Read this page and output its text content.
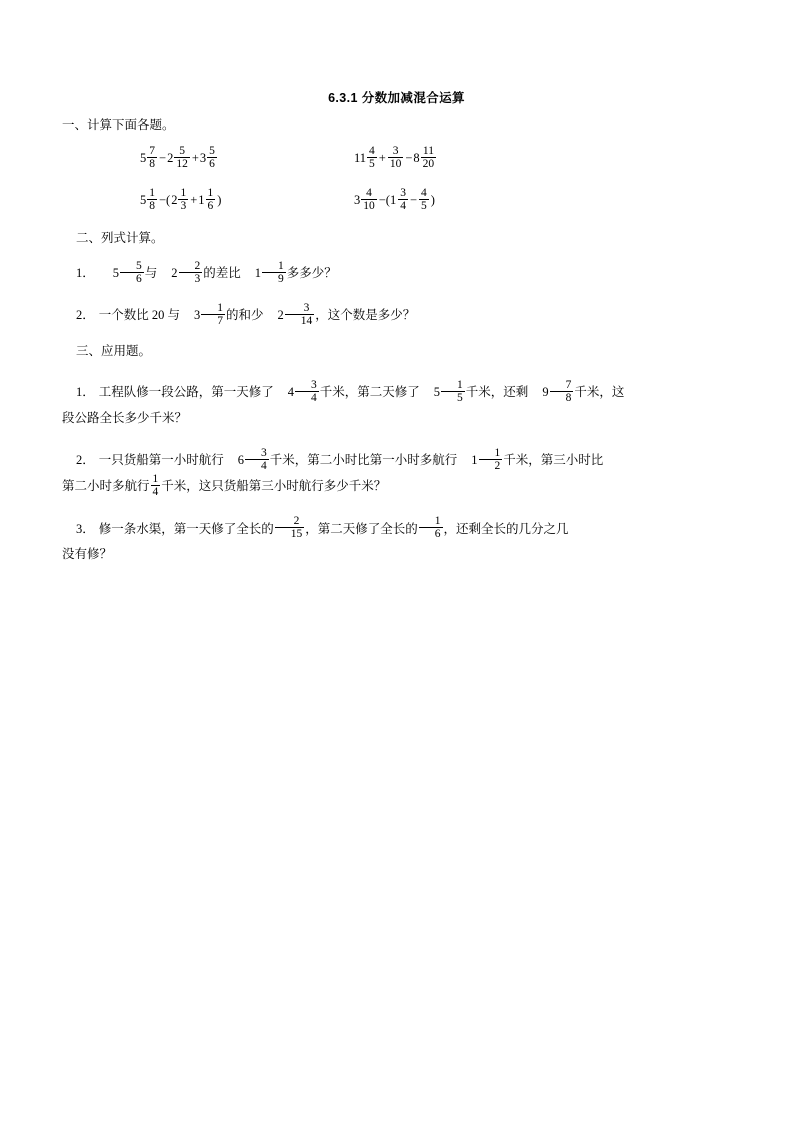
6.3.1 分数加减混合运算
一、计算下面各题。
$5 \frac{7}{8} -2 \frac{5}{12} +3 \frac{5}{6}$	$11 \frac{4}{5} + \frac{3}{10} -8 \frac{11}{20}$
$5 \frac{1}{8} -(2 \frac{1}{3} +1 \frac{1}{6}$ )	$3 \frac{4}{10} -(1 \frac{3}{4} - \frac{4}{5}$ )
二、列式计算。
1． $5 \frac{5}{6}$ 与 $2 \frac{2}{3}$ 的差比 $1 \frac{1}{9}$ 多多少？
2． 一个数比 20 与 $3 \frac{1}{7}$ 的和少 $2 \frac{3}{14}$ ，这个数是多少？
三、应用题。
1． 工程队修一段公路，第一天修了 $4 \frac{3}{4}$ 千米，第二天修了 $5 \frac{1}{5}$ 千米，还剩 $9 \frac{7}{8}$ 千米，这
段公路全长多少千米？
2． 一只货船第一小时航行 $6 \frac{3}{4}$ 千米，第二小时比第一小时多航行 $1 \frac{1}{2}$ 千米，第三小时比
第二小时多航行 $\frac{1}{4}$ 千米，这只货船第三小时航行多少千米？
3． 修一条水渠，第一天修了全长的 $\frac{2}{15}$ ，第二天修了全长的 $\frac{1}{6}$ ，还剩全长的几分之几
没有修？
